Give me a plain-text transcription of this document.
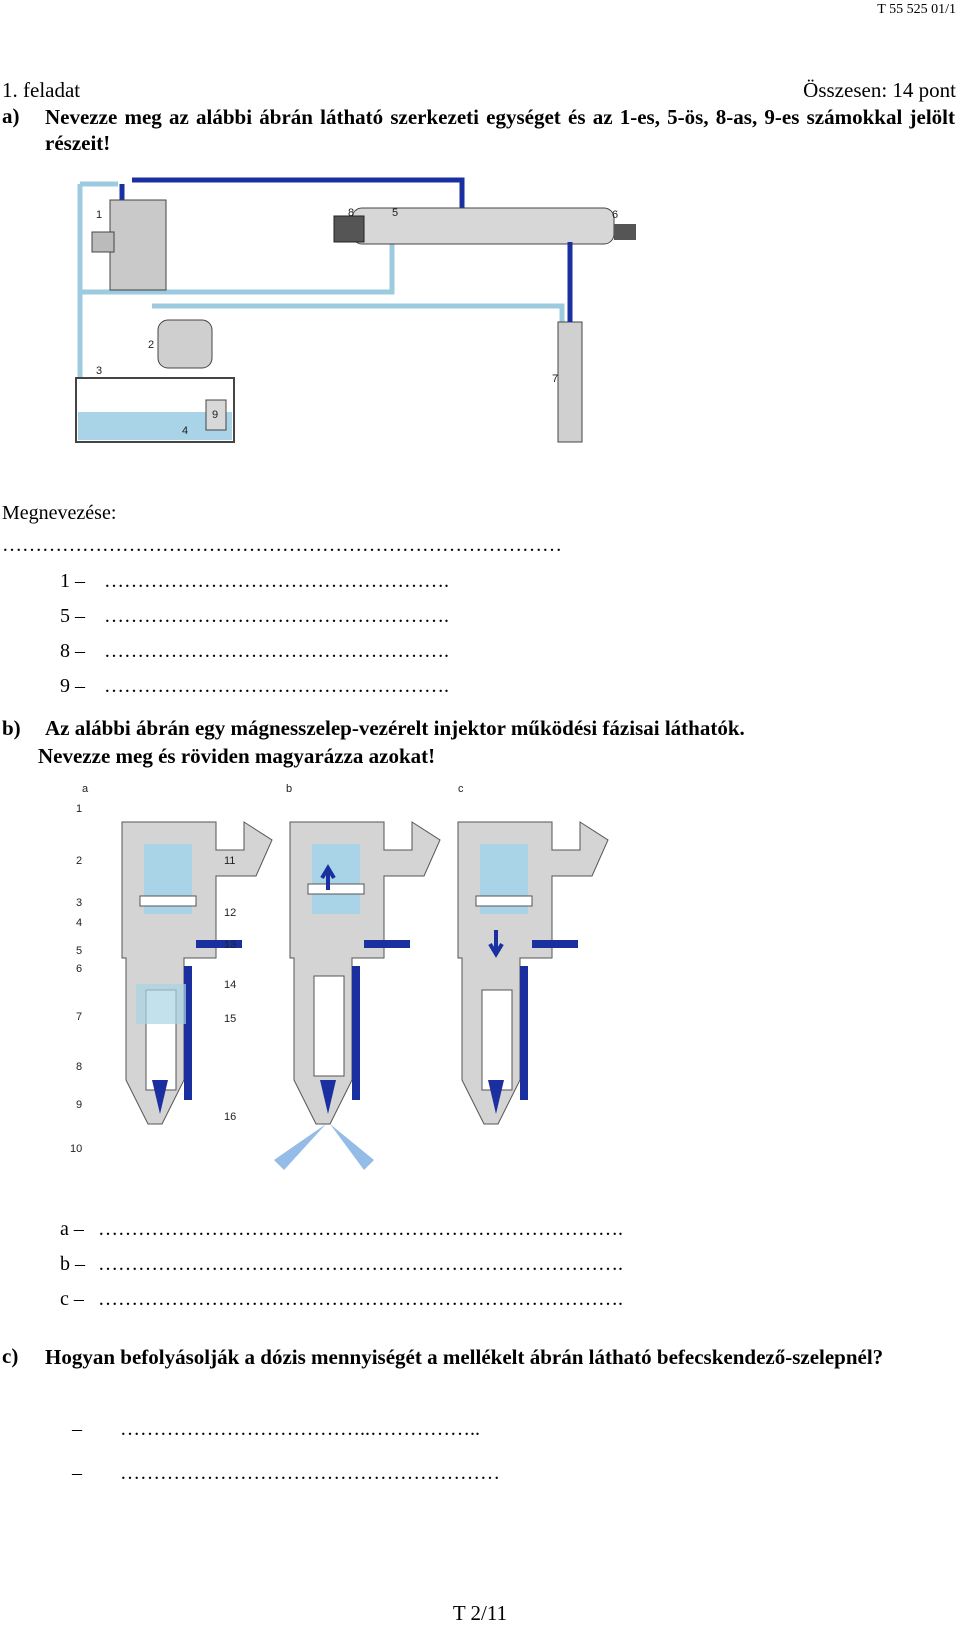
T 55 525 01/1
1. feladat	Összesen: 14 pont
a) Nevezze meg az alábbi ábrán látható szerkezeti egységet és az 1-es, 5-ös, 8-as, 9-es számokkal jelölt részeit!
1
2
3
4
5	6
7
8
9
Megnevezése:
…………………………………………………………………………
1 – …………………………………………….
5 – …………………………………………….
8 – …………………………………………….
9 – …………………………………………….
b) Az alábbi ábrán egy mágnesszelep-vezérelt injektor működési fázisai láthatók.
Nevezze meg és röviden magyarázza azokat!
a	b	c
1
2
3
4
5
6
7
8
9
10
11
12
13
14
15
16
a – …………………………………………………………………….
b – …………………………………………………………………….
c – …………………………………………………………………….
c) Hogyan befolyásolják a dózis mennyiségét a mellékelt ábrán látható befecskendező-szelepnél?
– ………………………………..……………..
– …………………………………………………
T 2/11
